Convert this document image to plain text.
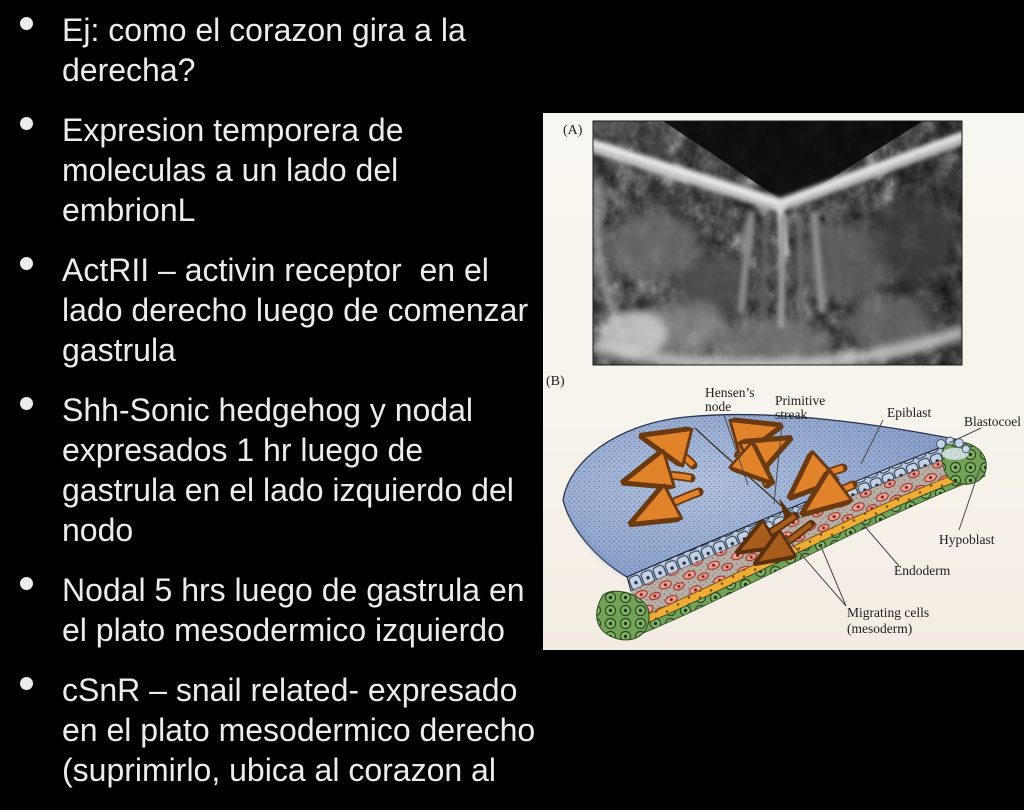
Ej: como el corazon gira a la
derecha?
Expresion temporera de
moleculas a un lado del
embrionL
ActRII – activin receptor  en el
lado derecho luego de comenzar
gastrula
Shh-Sonic hedgehog y nodal
expresados 1 hr luego de
gastrula en el lado izquierdo del
nodo
Nodal 5 hrs luego de gastrula en
el plato mesodermico izquierdo
cSnR – snail related- expresado
en el plato mesodermico derecho
(suprimirlo, ubica al corazon al
(A)
(B)
Hensen’s
node	Primitive
streak	Epiblast
Blastocoel
Hypoblast
Endoderm
Migrating cells
(mesoderm)
